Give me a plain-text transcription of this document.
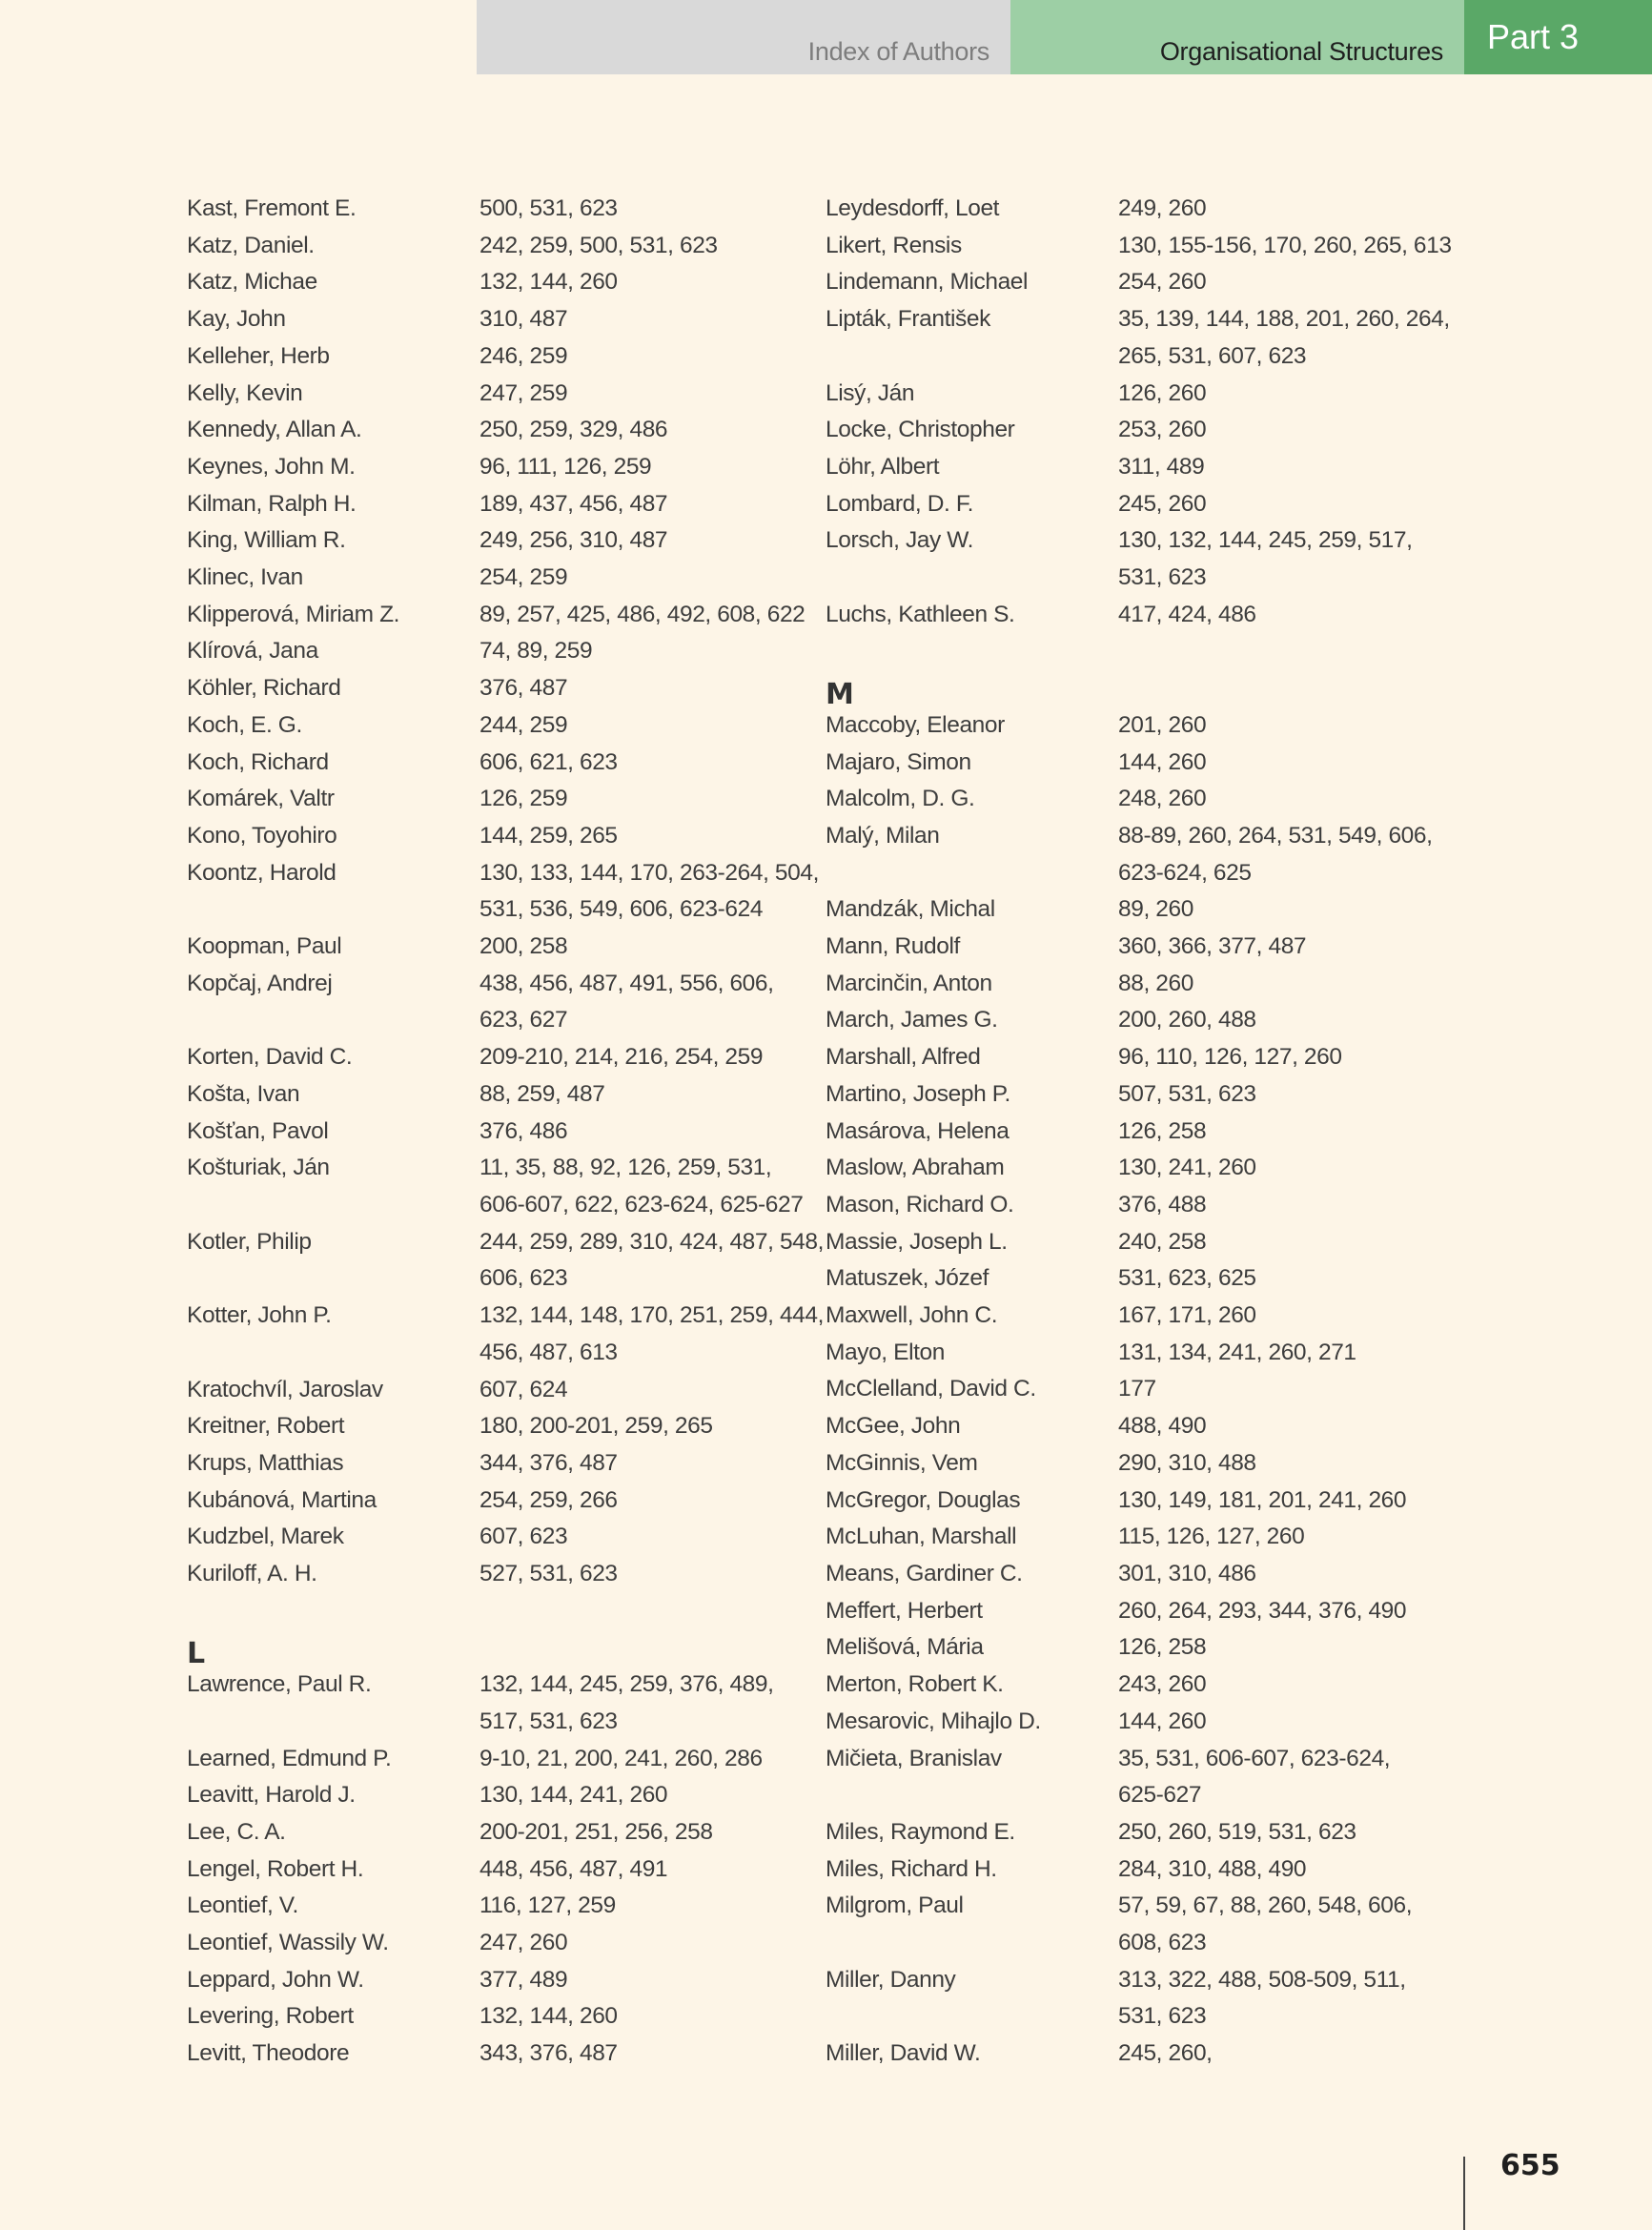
Index of Authors	Organisational Structures Part 3
Kast, Fremont E.	500, 531, 623
Katz, Daniel.	242, 259, 500, 531, 623
Katz, Michae	132, 144, 260
Kay, John	310, 487
Kelleher, Herb	246, 259
Kelly, Kevin	247, 259
Kennedy, Allan A.	250, 259, 329, 486
Keynes, John M.	96, 111, 126, 259
Kilman, Ralph H.	189, 437, 456, 487
King, William R.	249, 256, 310, 487
Klinec, Ivan	254, 259
Klipperová, Miriam Z.	89, 257, 425, 486, 492, 608, 622
Klírová, Jana	74, 89, 259
Köhler, Richard	376, 487
Koch, E. G.	244, 259
Koch, Richard	606, 621, 623
Komárek, Valtr	126, 259
Kono, Toyohiro	144, 259, 265
Koontz, Harold	130, 133, 144, 170, 263-264, 504,
531, 536, 549, 606, 623-624
Koopman, Paul	200, 258
Kopčaj, Andrej	438, 456, 487, 491, 556, 606,
623, 627
Korten, David C.	209-210, 214, 216, 254, 259
Košta, Ivan	88, 259, 487
Košťan, Pavol	376, 486
Košturiak, Ján	11, 35, 88, 92, 126, 259, 531,
606-607, 622, 623-624, 625-627
Kotler, Philip	244, 259, 289, 310, 424, 487, 548,
606, 623
Kotter, John P.	132, 144, 148, 170, 251, 259, 444,
456, 487, 613
Kratochvíl, Jaroslav	607, 624
Kreitner, Robert	180, 200-201, 259, 265
Krups, Matthias	344, 376, 487
Kubánová, Martina	254, 259, 266
Kudzbel, Marek	607, 623
Kuriloff, A. H.	527, 531, 623
L
Lawrence, Paul R.	132, 144, 245, 259, 376, 489,
517, 531, 623
Learned, Edmund P.	9-10, 21, 200, 241, 260, 286
Leavitt, Harold J.	130, 144, 241, 260
Lee, C. A.	200-201, 251, 256, 258
Lengel, Robert H.	448, 456, 487, 491
Leontief, V.	116, 127, 259
Leontief, Wassily W.	247, 260
Leppard, John W.	377, 489
Levering, Robert	132, 144, 260
Levitt, Theodore	343, 376, 487
Leydesdorff, Loet	249, 260
Likert, Rensis	130, 155-156, 170, 260, 265, 613
Lindemann, Michael	254, 260
Lipták, František	35, 139, 144, 188, 201, 260, 264,
265, 531, 607, 623
Lisý, Ján	126, 260
Locke, Christopher	253, 260
Löhr, Albert	311, 489
Lombard, D. F.	245, 260
Lorsch, Jay W.	130, 132, 144, 245, 259, 517,
531, 623
Luchs, Kathleen S.	417, 424, 486
M
Maccoby, Eleanor	201, 260
Majaro, Simon	144, 260
Malcolm, D. G.	248, 260
Malý, Milan	88-89, 260, 264, 531, 549, 606,
623-624, 625
Mandzák, Michal	89, 260
Mann, Rudolf	360, 366, 377, 487
Marcinčin, Anton	88, 260
March, James G.	200, 260, 488
Marshall, Alfred	96, 110, 126, 127, 260
Martino, Joseph P.	507, 531, 623
Masárova, Helena	126, 258
Maslow, Abraham	130, 241, 260
Mason, Richard O.	376, 488
Massie, Joseph L.	240, 258
Matuszek, Józef	531, 623, 625
Maxwell, John C.	167, 171, 260
Mayo, Elton	131, 134, 241, 260, 271
McClelland, David C.	177
McGee, John	488, 490
McGinnis, Vem	290, 310, 488
McGregor, Douglas	130, 149, 181, 201, 241, 260
McLuhan, Marshall	115, 126, 127, 260
Means, Gardiner C.	301, 310, 486
Meffert, Herbert	260, 264, 293, 344, 376, 490
Melišová, Mária	126, 258
Merton, Robert K.	243, 260
Mesarovic, Mihajlo D.	144, 260
Mičieta, Branislav	35, 531, 606-607, 623-624,
625-627
Miles, Raymond E.	250, 260, 519, 531, 623
Miles, Richard H.	284, 310, 488, 490
Milgrom, Paul	57, 59, 67, 88, 260, 548, 606,
608, 623
Miller, Danny	313, 322, 488, 508-509, 511,
531, 623
Miller, David W.	245, 260,
655
